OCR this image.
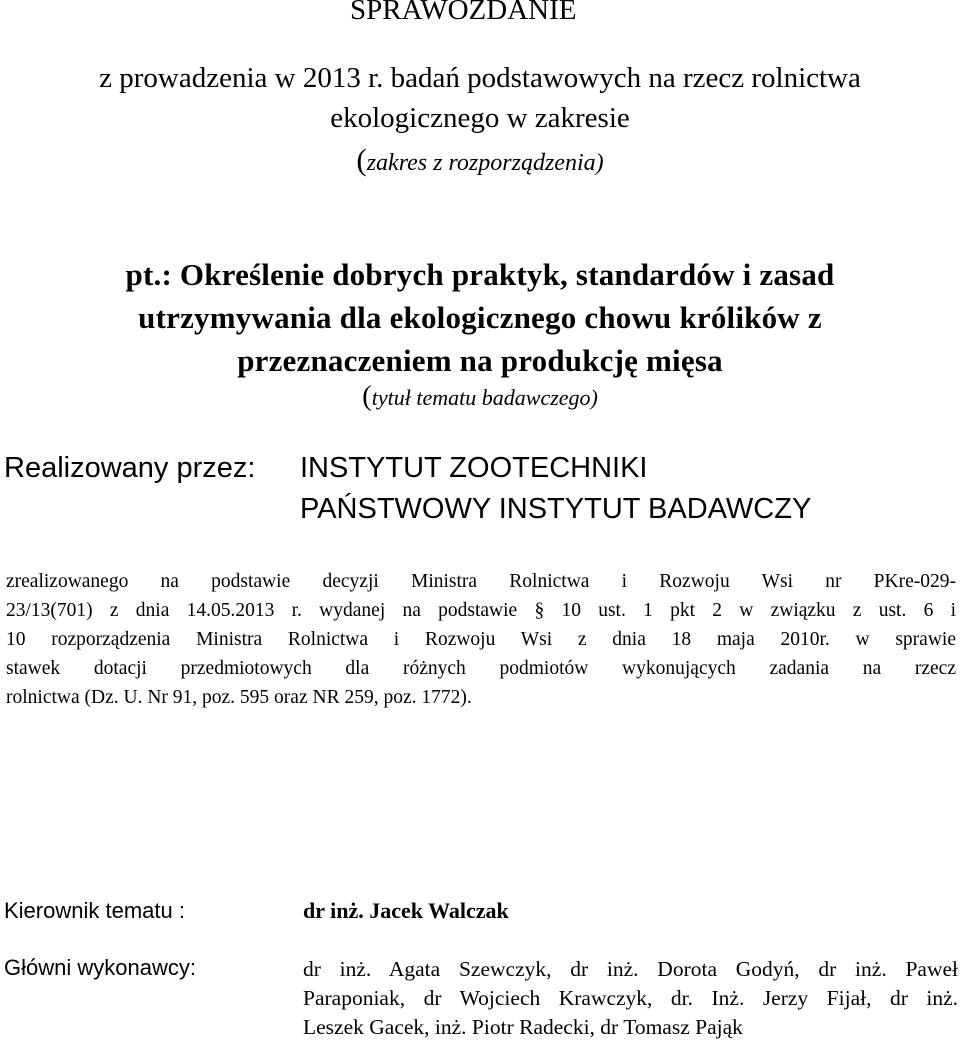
SPRAWOZDANIE
z prowadzenia w 2013 r. badań podstawowych na rzecz rolnictwa
ekologicznego w zakresie
(zakres z rozporządzenia)
pt.: Określenie dobrych praktyk, standardów i zasad
utrzymywania dla ekologicznego chowu królików z
przeznaczeniem na produkcję mięsa
(tytuł tematu badawczego)
Realizowany przez: INSTYTUT ZOOTECHNIKI
PAŃSTWOWY INSTYTUT BADAWCZY
zrealizowanego na podstawie decyzji Ministra Rolnictwa i Rozwoju Wsi nr PKre-029-
23/13(701) z dnia 14.05.2013 r. wydanej na podstawie § 10 ust. 1 pkt 2 w związku z ust. 6 i
10 rozporządzenia Ministra Rolnictwa i Rozwoju Wsi z dnia 18 maja 2010r. w sprawie
stawek dotacji przedmiotowych dla różnych podmiotów wykonujących zadania na rzecz
rolnictwa (Dz. U. Nr 91, poz. 595 oraz NR 259, poz. 1772).
Kierownik tematu :	dr inż. Jacek Walczak
Główni wykonawcy:	dr inż. Agata Szewczyk, dr inż. Dorota Godyń, dr inż. Paweł
Paraponiak, dr Wojciech Krawczyk, dr. Inż. Jerzy Fijał, dr inż.
Leszek Gacek, inż. Piotr Radecki, dr Tomasz Pająk
